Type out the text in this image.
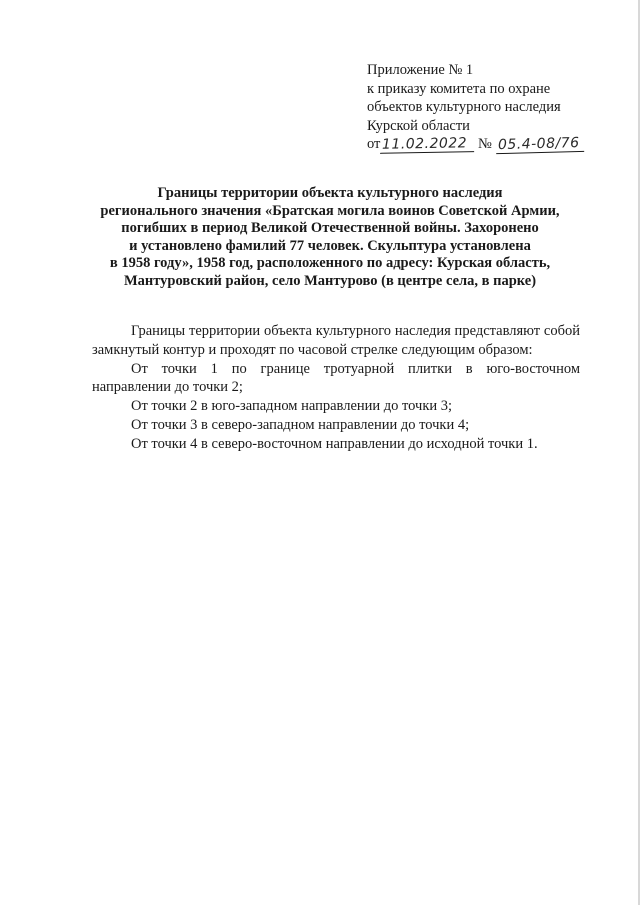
Приложение № 1
к приказу комитета по охране
объектов культурного наследия
Курской области
от 11.02.2022 № 05.4-08/76
Границы территории объекта культурного наследия
регионального значения «Братская могила воинов Советской Армии,
погибших в период Великой Отечественной войны. Захоронено
и установлено фамилий 77 человек. Скульптура установлена
в 1958 году», 1958 год, расположенного по адресу: Курская область,
Мантуровский район, село Мантурово (в центре села, в парке)

Границы территории объекта культурного наследия представляют собой замкнутый контур и проходят по часовой стрелке следующим образом:

От точки 1 по границе тротуарной плитки в юго-восточном направлении до точки 2;

От точки 2 в юго-западном направлении до точки 3;

От точки 3 в северо-западном направлении до точки 4;

От точки 4 в северо-восточном направлении до исходной точки 1.
